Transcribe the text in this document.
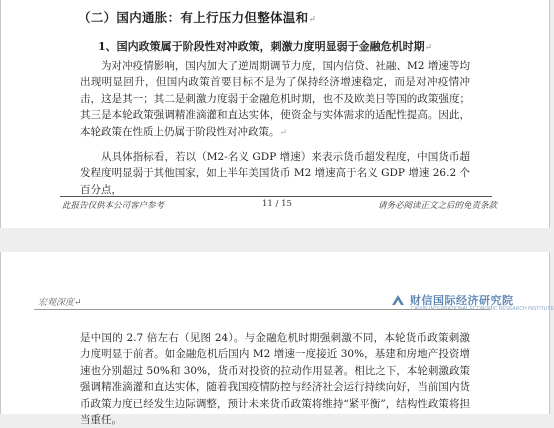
（二）国内通胀：有上行压力但整体温和↵
1、国内政策属于阶段性对冲政策，刺激力度明显弱于金融危机时期↵
为对冲疫情影响，国内加大了逆周期调节力度，国内信贷、社融、M2 增速等均出现明显回升，但国内政策首要目标不是为了保持经济增速稳定，而是对冲疫情冲击，这是其一；其二是刺激力度弱于金融危机时期，也不及欧美日等国的政策强度；其三是本轮政策强调精准滴灌和直达实体，使资金与实体需求的适配性提高。因此，本轮政策在性质上仍属于阶段性对冲政策。↵
从具体指标看，若以（M2-名义 GDP 增速）来表示货币超发程度，中国货币超发程度明显弱于其他国家，如上半年美国货币 M2 增速高于名义 GDP 增速 26.2 个百分点，
此报告仅供本公司客户参考	11 / 15	请务必阅读正文之后的免责条款
宏观深度↵	财信国际经济研究院
CAIXIN INTERNATIONAL ECONOMIC RESEARCH INSTITUTE
是中国的 2.7 倍左右（见图 24）。与金融危机时期强刺激不同，本轮货币政策刺激力度明显于前者。如金融危机后国内 M2 增速一度接近 30%，基建和房地产投资增速也分别超过 50%和 30%，货币对投资的拉动作用显著。相比之下，本轮刺激政策强调精准滴灌和直达实体，随着我国疫情防控与经济社会运行持续向好，当前国内货币政策力度已经发生边际调整，预计未来货币政策将维持“紧平衡”，结构性政策将担当重任。
